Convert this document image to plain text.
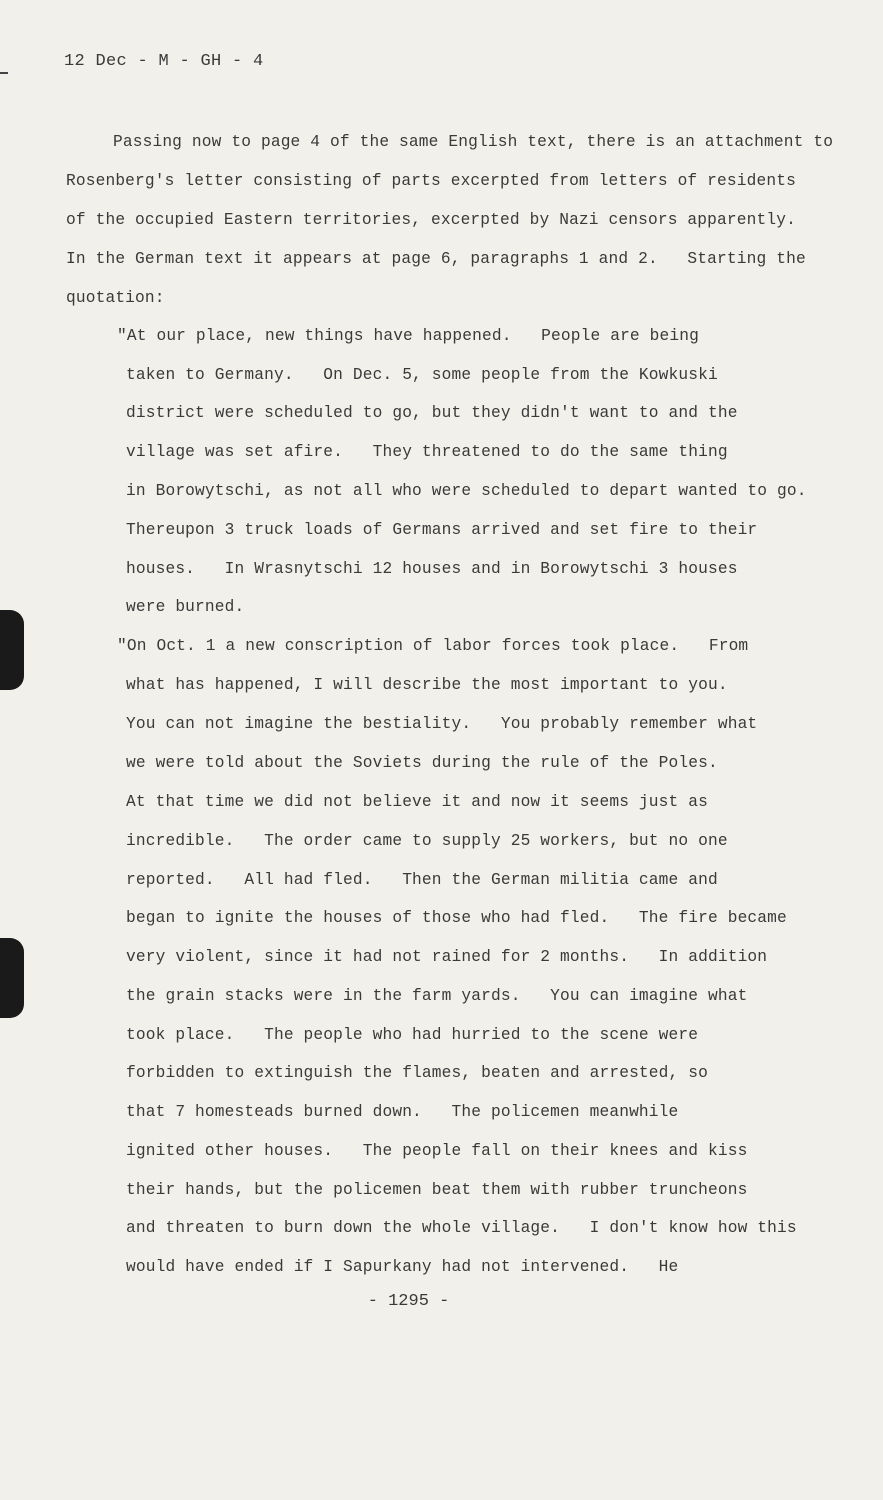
12 Dec - M - GH - 4
Passing now to page 4 of the same English text, there is an attachment to
Rosenberg's letter consisting of parts excerpted from letters of residents
of the occupied Eastern territories, excerpted by Nazi censors apparently.
In the German text it appears at page 6, paragraphs 1 and 2.   Starting the
quotation:
"At our place, new things have happened.   People are being
taken to Germany.   On Dec. 5, some people from the Kowkuski
district were scheduled to go, but they didn't want to and the
village was set afire.   They threatened to do the same thing
in Borowytschi, as not all who were scheduled to depart wanted to go.
Thereupon 3 truck loads of Germans arrived and set fire to their
houses.   In Wrasnytschi 12 houses and in Borowytschi 3 houses
were burned.
"On Oct. 1 a new conscription of labor forces took place.   From
what has happened, I will describe the most important to you.
You can not imagine the bestiality.   You probably remember what
we were told about the Soviets during the rule of the Poles.
At that time we did not believe it and now it seems just as
incredible.   The order came to supply 25 workers, but no one
reported.   All had fled.   Then the German militia came and
began to ignite the houses of those who had fled.   The fire became
very violent, since it had not rained for 2 months.   In addition
the grain stacks were in the farm yards.   You can imagine what
took place.   The people who had hurried to the scene were
forbidden to extinguish the flames, beaten and arrested, so
that 7 homesteads burned down.   The policemen meanwhile
ignited other houses.   The people fall on their knees and kiss
their hands, but the policemen beat them with rubber truncheons
and threaten to burn down the whole village.   I don't know how this
would have ended if I Sapurkany had not intervened.   He
- 1295 -
